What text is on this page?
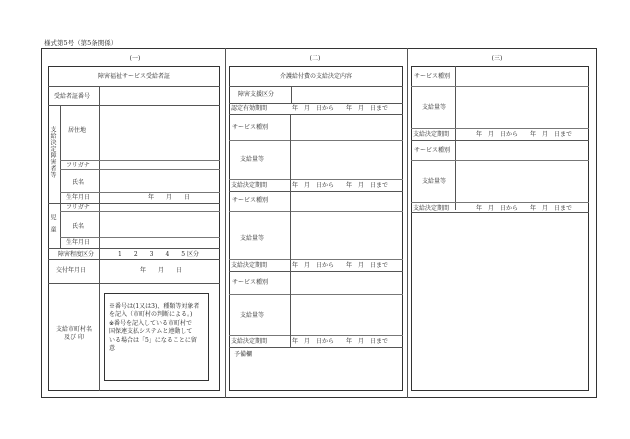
様式第5号（第5条関係）
(一)	(二)	(三)
障害福祉サービス受給者証
受給者証番号
支給決定障害者等 居住地
フリガナ
氏名
生年月日	年　　月　　日
児童
フリガナ
氏名
生年月日
障害程度区分	1　　2　　3　　4　　5 区分
交付年月日	年　　月　　日
支給市町村名
及び 印
※番号は(1又は3)、種類等対象者
を記入（市町村の判断による。)
※番号を記入している市町村で
国保連支払システムと連動して
いる場合は「5」になることに留
意
介護給付費の支給決定内容
障害支援区分
認定有効期間	年　月　日から　　年　月　日まで
サービス種別
支給量等
支給決定期間	年　月　日から　　年　月　日まで
サービス種別
支給量等
支給決定期間	年　月　日から　　年　月　日まで
サービス種別
支給量等
支給決定期間	年　月　日から　　年　月　日まで
予備欄
サービス種別
支給量等
支給決定期間	年　月　日から　　年　月　日まで
サービス種別
支給量等
支給決定期間	年　月　日から　　年　月　日まで
